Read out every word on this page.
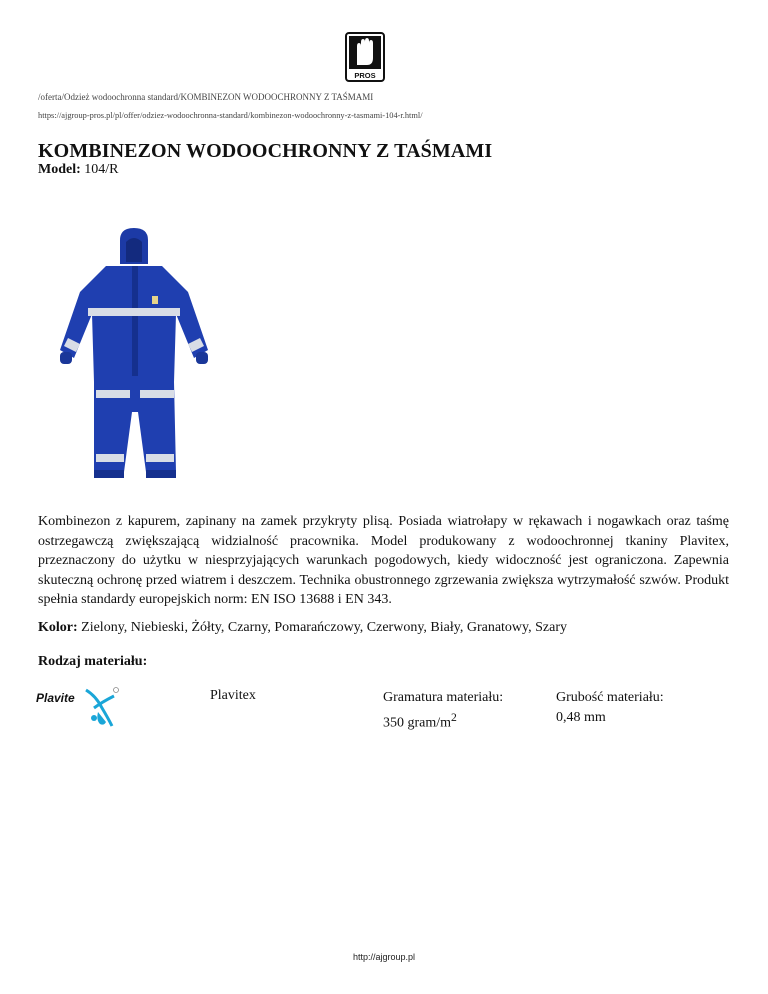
PROS
/oferta/Odzież wodoochronna standard/KOMBINEZON WODOOCHRONNY Z TAŚMAMI
https://ajgroup-pros.pl/pl/offer/odziez-wodoochronna-standard/kombinezon-wodoochronny-z-tasmami-104-r.html/
KOMBINEZON WODOOCHRONNY Z TAŚMAMI
Model: 104/R

Kombinezon z kapurem, zapinany na zamek przykryty plisą. Posiada wiatrołapy w rękawach i nogawkach oraz taśmę ostrzegawczą zwiększającą widzialność pracownika. Model produkowany z wodoochronnej tkaniny Plavitex, przeznaczony do użytku w niesprzyjających warunkach pogodowych, kiedy widoczność jest ograniczona. Zapewnia skuteczną ochronę przed wiatrem i deszczem. Technika obustronnego zgrzewania zwiększa wytrzymałość szwów. Produkt spełnia standardy europejskich norm: EN ISO 13688 i EN 343.

Kolor: Zielony, Niebieski, Żółty, Czarny, Pomarańczowy, Czerwony, Biały, Granatowy, Szary
Rodzaj materiału:
Plavite	Plavitex	Gramatura materiału:
350 gram/$m^2$
Grubość materiału:
0,48 mm
http://ajgroup.pl
